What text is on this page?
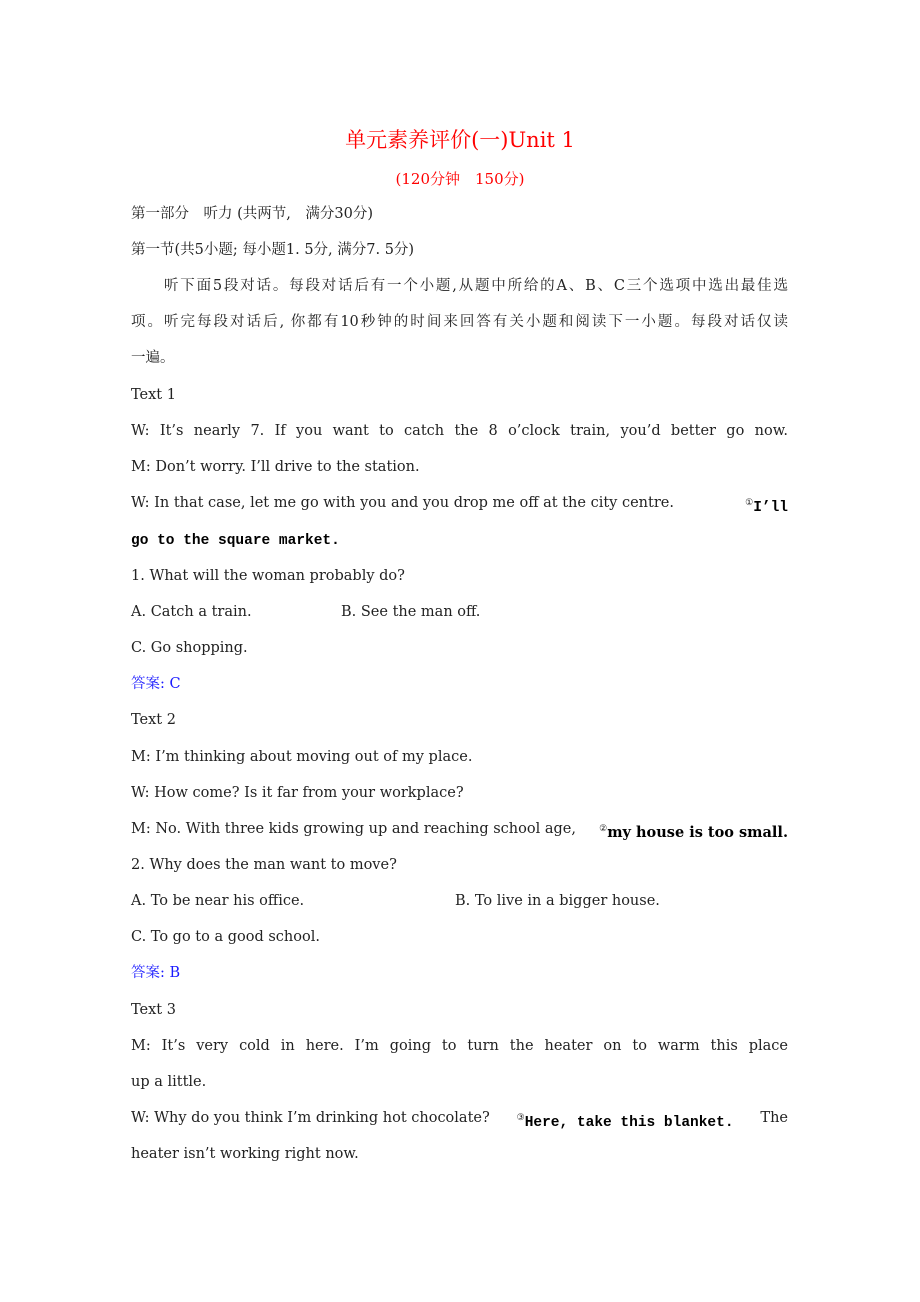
单元素养评价(一)Unit 1
(120分钟　150分)
第一部分　听力 (共两节,　满分30分)
第一节(共5小题; 每小题1. 5分, 满分7. 5分)
听下面5段对话。每段对话后有一个小题,从题中所给的A、B、C三个选项中选出最佳选
项。听完每段对话后, 你都有10秒钟的时间来回答有关小题和阅读下一小题。每段对话仅读
一遍。
Text 1
W: It’s nearly 7. If you want to catch the 8 o’clock train, you’d better go now.
M: Don’t worry. I’ll drive to the station.
W: In that case, let me go with you and you drop me off at the city centre.	①I’ll
go to the square market.
1. What will the woman probably do?
A. Catch a train.	B. See the man off.
C. Go shopping.
答案: C
Text 2
M: I’m thinking about moving out of my place.
W: How come? Is it far from your workplace?
M: No. With three kids growing up and reaching school age,	②my house is too small.
2. Why does the man want to move?
A. To be near his office.	B. To live in a bigger house.
C. To go to a good school.
答案: B
Text 3
M: It’s very cold in here. I’m going to turn the heater on to warm this place
up a little.
W: Why do you think I’m drinking hot chocolate?	③Here, take this blanket. The
heater isn’t working right now.
